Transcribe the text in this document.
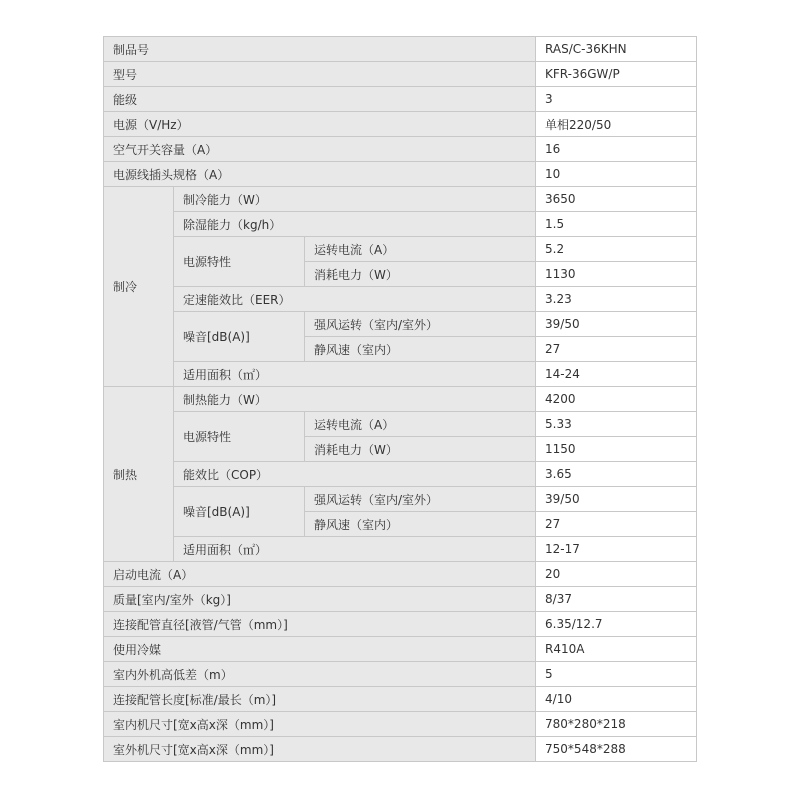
制品号			RAS/C-36KHN
型号			KFR-36GW/P
能级			3
电源（V/Hz）			单相220/50
空气开关容量（A）			16
电源线插头规格（A）			10
制冷	制冷能力（W）		3650
	除湿能力（kg/h）		1.5
	电源特性	运转电流（A）	5.2
		消耗电力（W）	1130
	定速能效比（EER）		3.23
	噪音[dB(A)]	强风运转（室内/室外）	39/50
		静风速（室内）	27
	适用面积（㎡）		14-24
制热	制热能力（W）		4200
	电源特性	运转电流（A）	5.33
		消耗电力（W）	1150
	能效比（COP）		3.65
	噪音[dB(A)]	强风运转（室内/室外）	39/50
		静风速（室内）	27
	适用面积（㎡）		12-17
启动电流（A）			20
质量[室内/室外（kg）]			8/37
连接配管直径[液管/气管（mm）]			6.35/12.7
使用冷媒			R410A
室内外机高低差（m）			5
连接配管长度[标准/最长（m）]			4/10
室内机尺寸[宽x高x深（mm）]			780*280*218
室外机尺寸[宽x高x深（mm）]			750*548*288
